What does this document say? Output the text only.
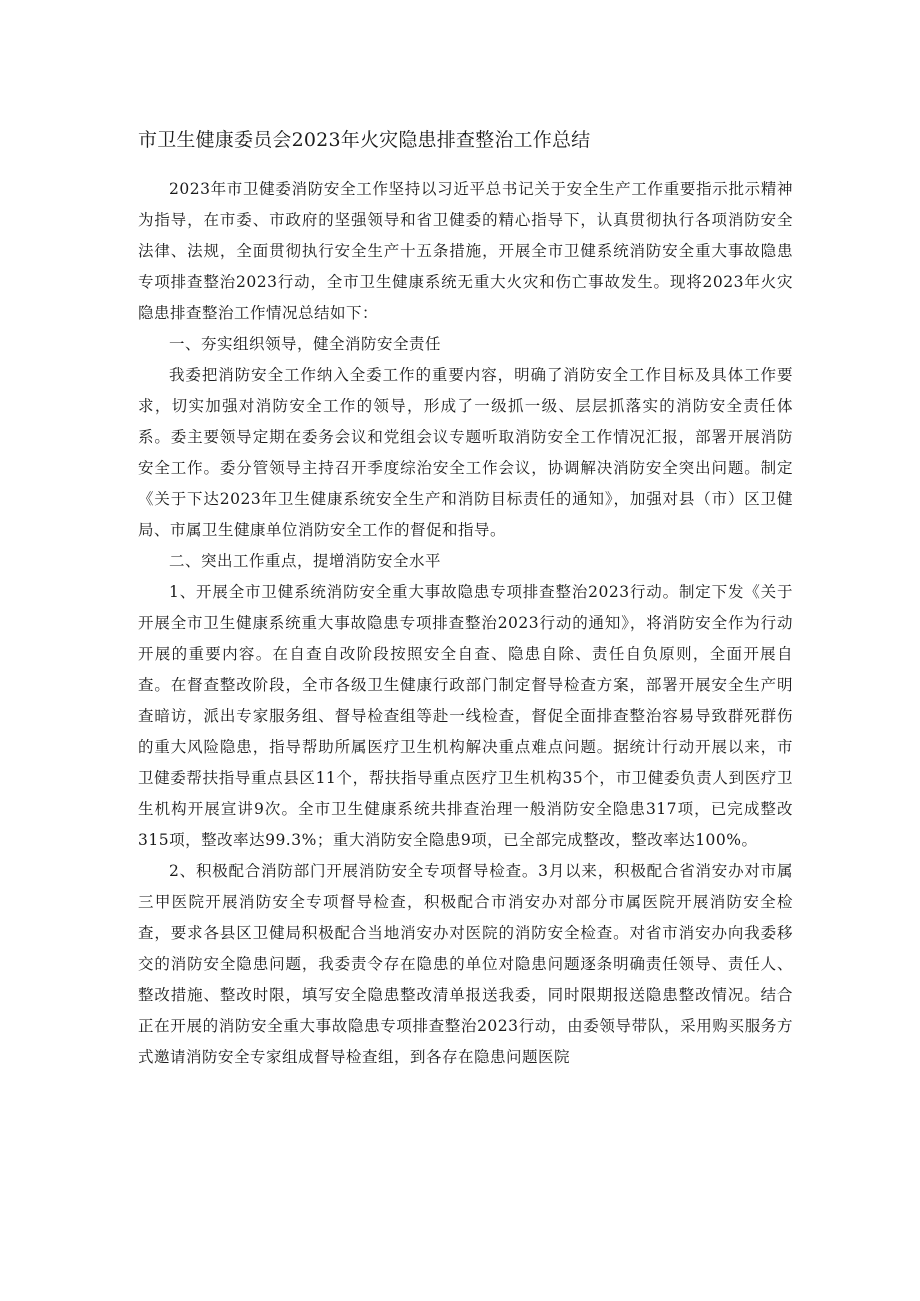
市卫生健康委员会2023年火灾隐患排查整治工作总结

2023年市卫健委消防安全工作坚持以习近平总书记关于安全生产工作重要指示批示精神为指导，在市委、市政府的坚强领导和省卫健委的精心指导下，认真贯彻执行各项消防安全法律、法规，全面贯彻执行安全生产十五条措施，开展全市卫健系统消防安全重大事故隐患专项排查整治2023行动，全市卫生健康系统无重大火灾和伤亡事故发生。现将2023年火灾隐患排查整治工作情况总结如下：

一、夯实组织领导，健全消防安全责任

我委把消防安全工作纳入全委工作的重要内容，明确了消防安全工作目标及具体工作要求，切实加强对消防安全工作的领导，形成了一级抓一级、层层抓落实的消防安全责任体系。委主要领导定期在委务会议和党组会议专题听取消防安全工作情况汇报，部署开展消防安全工作。委分管领导主持召开季度综治安全工作会议，协调解决消防安全突出问题。制定《关于下达2023年卫生健康系统安全生产和消防目标责任的通知》，加强对县（市）区卫健局、市属卫生健康单位消防安全工作的督促和指导。

二、突出工作重点，提增消防安全水平

1、开展全市卫健系统消防安全重大事故隐患专项排查整治2023行动。制定下发《关于开展全市卫生健康系统重大事故隐患专项排查整治2023行动的通知》，将消防安全作为行动开展的重要内容。在自查自改阶段按照安全自查、隐患自除、责任自负原则，全面开展自查。在督查整改阶段，全市各级卫生健康行政部门制定督导检查方案，部署开展安全生产明查暗访，派出专家服务组、督导检查组等赴一线检查，督促全面排查整治容易导致群死群伤的重大风险隐患，指导帮助所属医疗卫生机构解决重点难点问题。据统计行动开展以来，市卫健委帮扶指导重点县区11个，帮扶指导重点医疗卫生机构35个，市卫健委负责人到医疗卫生机构开展宣讲9次。全市卫生健康系统共排查治理一般消防安全隐患317项，已完成整改315项，整改率达99.3%；重大消防安全隐患9项，已全部完成整改，整改率达100%。

2、积极配合消防部门开展消防安全专项督导检查。3月以来，积极配合省消安办对市属三甲医院开展消防安全专项督导检查，积极配合市消安办对部分市属医院开展消防安全检查，要求各县区卫健局积极配合当地消安办对医院的消防安全检查。对省市消安办向我委移交的消防安全隐患问题，我委责令存在隐患的单位对隐患问题逐条明确责任领导、责任人、整改措施、整改时限，填写安全隐患整改清单报送我委，同时限期报送隐患整改情况。结合正在开展的消防安全重大事故隐患专项排查整治2023行动，由委领导带队，采用购买服务方式邀请消防安全专家组成督导检查组，到各存在隐患问题医院
